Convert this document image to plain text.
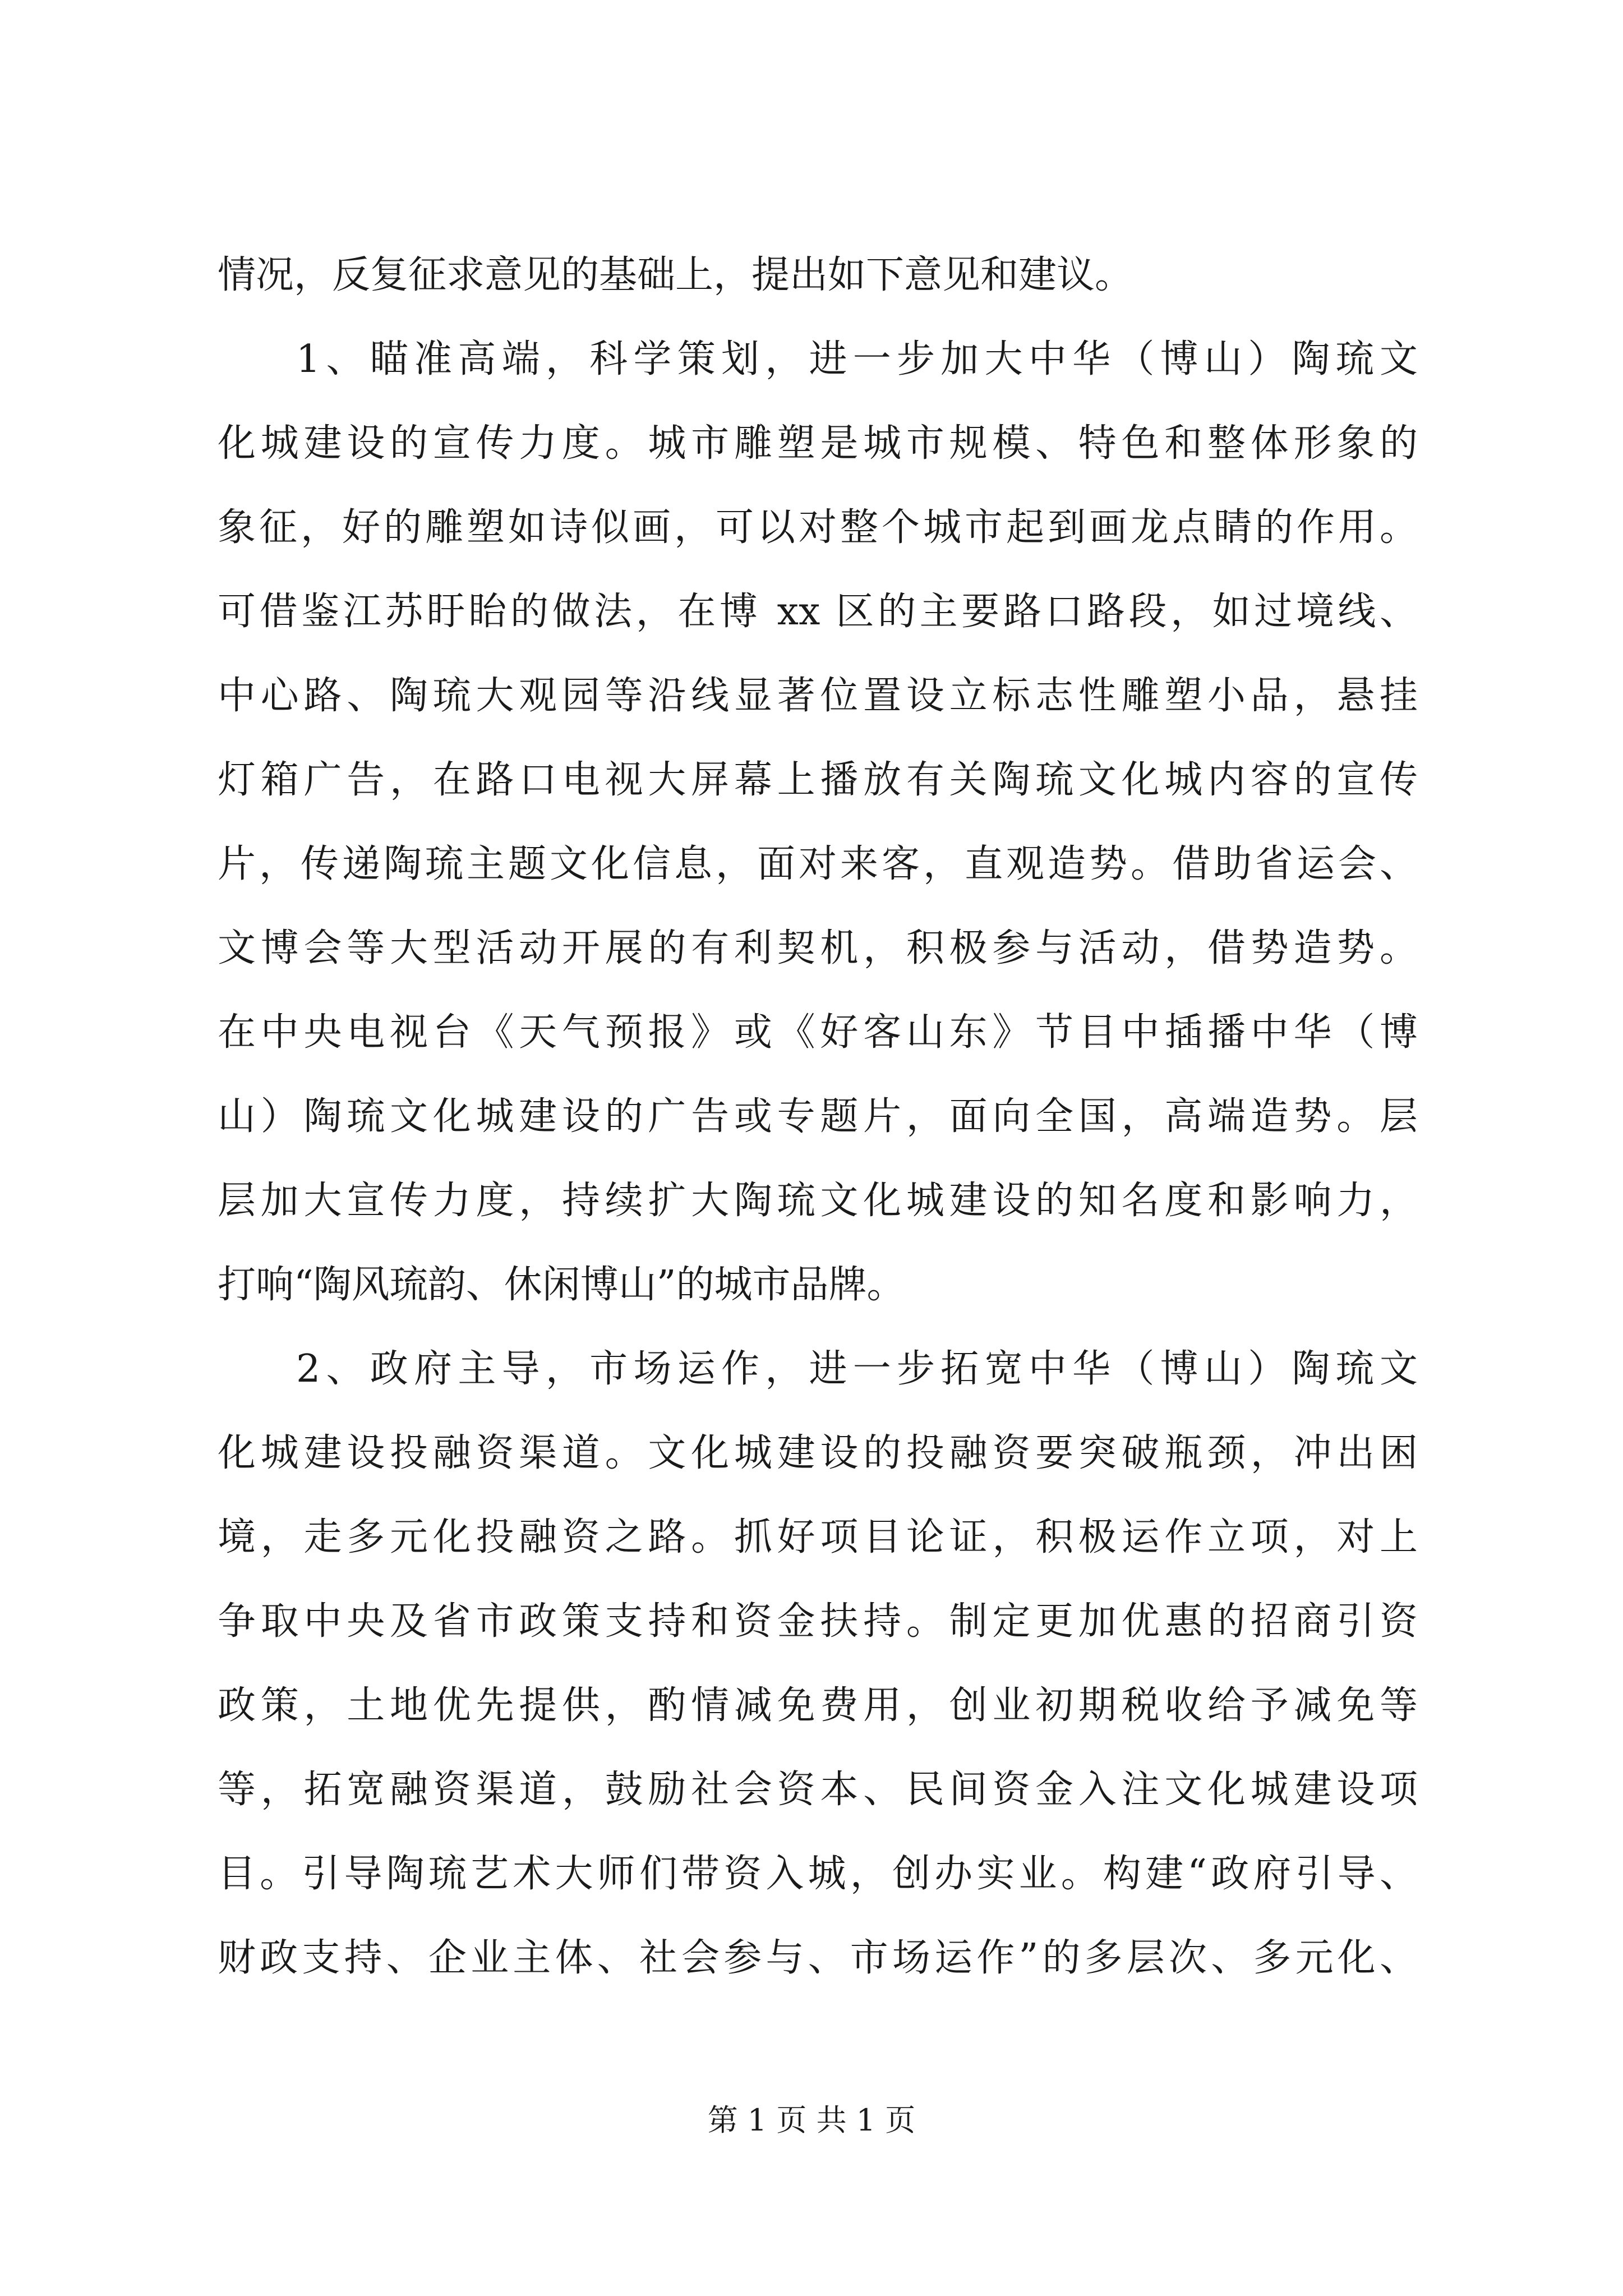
情况，反复征求意见的基础上，提出如下意见和建议。
1、瞄准高端，科学策划，进一步加大中华（博山）陶琉文
化城建设的宣传力度。城市雕塑是城市规模、特色和整体形象的
象征，好的雕塑如诗似画，可以对整个城市起到画龙点睛的作用。
可借鉴江苏盱眙的做法，在博 xx 区的主要路口路段，如过境线、
中心路、陶琉大观园等沿线显著位置设立标志性雕塑小品，悬挂
灯箱广告，在路口电视大屏幕上播放有关陶琉文化城内容的宣传
片，传递陶琉主题文化信息，面对来客，直观造势。借助省运会、
文博会等大型活动开展的有利契机，积极参与活动，借势造势。
在中央电视台《天气预报》或《好客山东》节目中插播中华（博
山）陶琉文化城建设的广告或专题片，面向全国，高端造势。层
层加大宣传力度，持续扩大陶琉文化城建设的知名度和影响力，
打响“陶风琉韵、休闲博山”的城市品牌。
2、政府主导，市场运作，进一步拓宽中华（博山）陶琉文
化城建设投融资渠道。文化城建设的投融资要突破瓶颈，冲出困
境，走多元化投融资之路。抓好项目论证，积极运作立项，对上
争取中央及省市政策支持和资金扶持。制定更加优惠的招商引资
政策，土地优先提供，酌情减免费用，创业初期税收给予减免等
等，拓宽融资渠道，鼓励社会资本、民间资金入注文化城建设项
目。引导陶琉艺术大师们带资入城，创办实业。构建“政府引导、
财政支持、企业主体、社会参与、市场运作”的多层次、多元化、
第 1 页 共 1 页
